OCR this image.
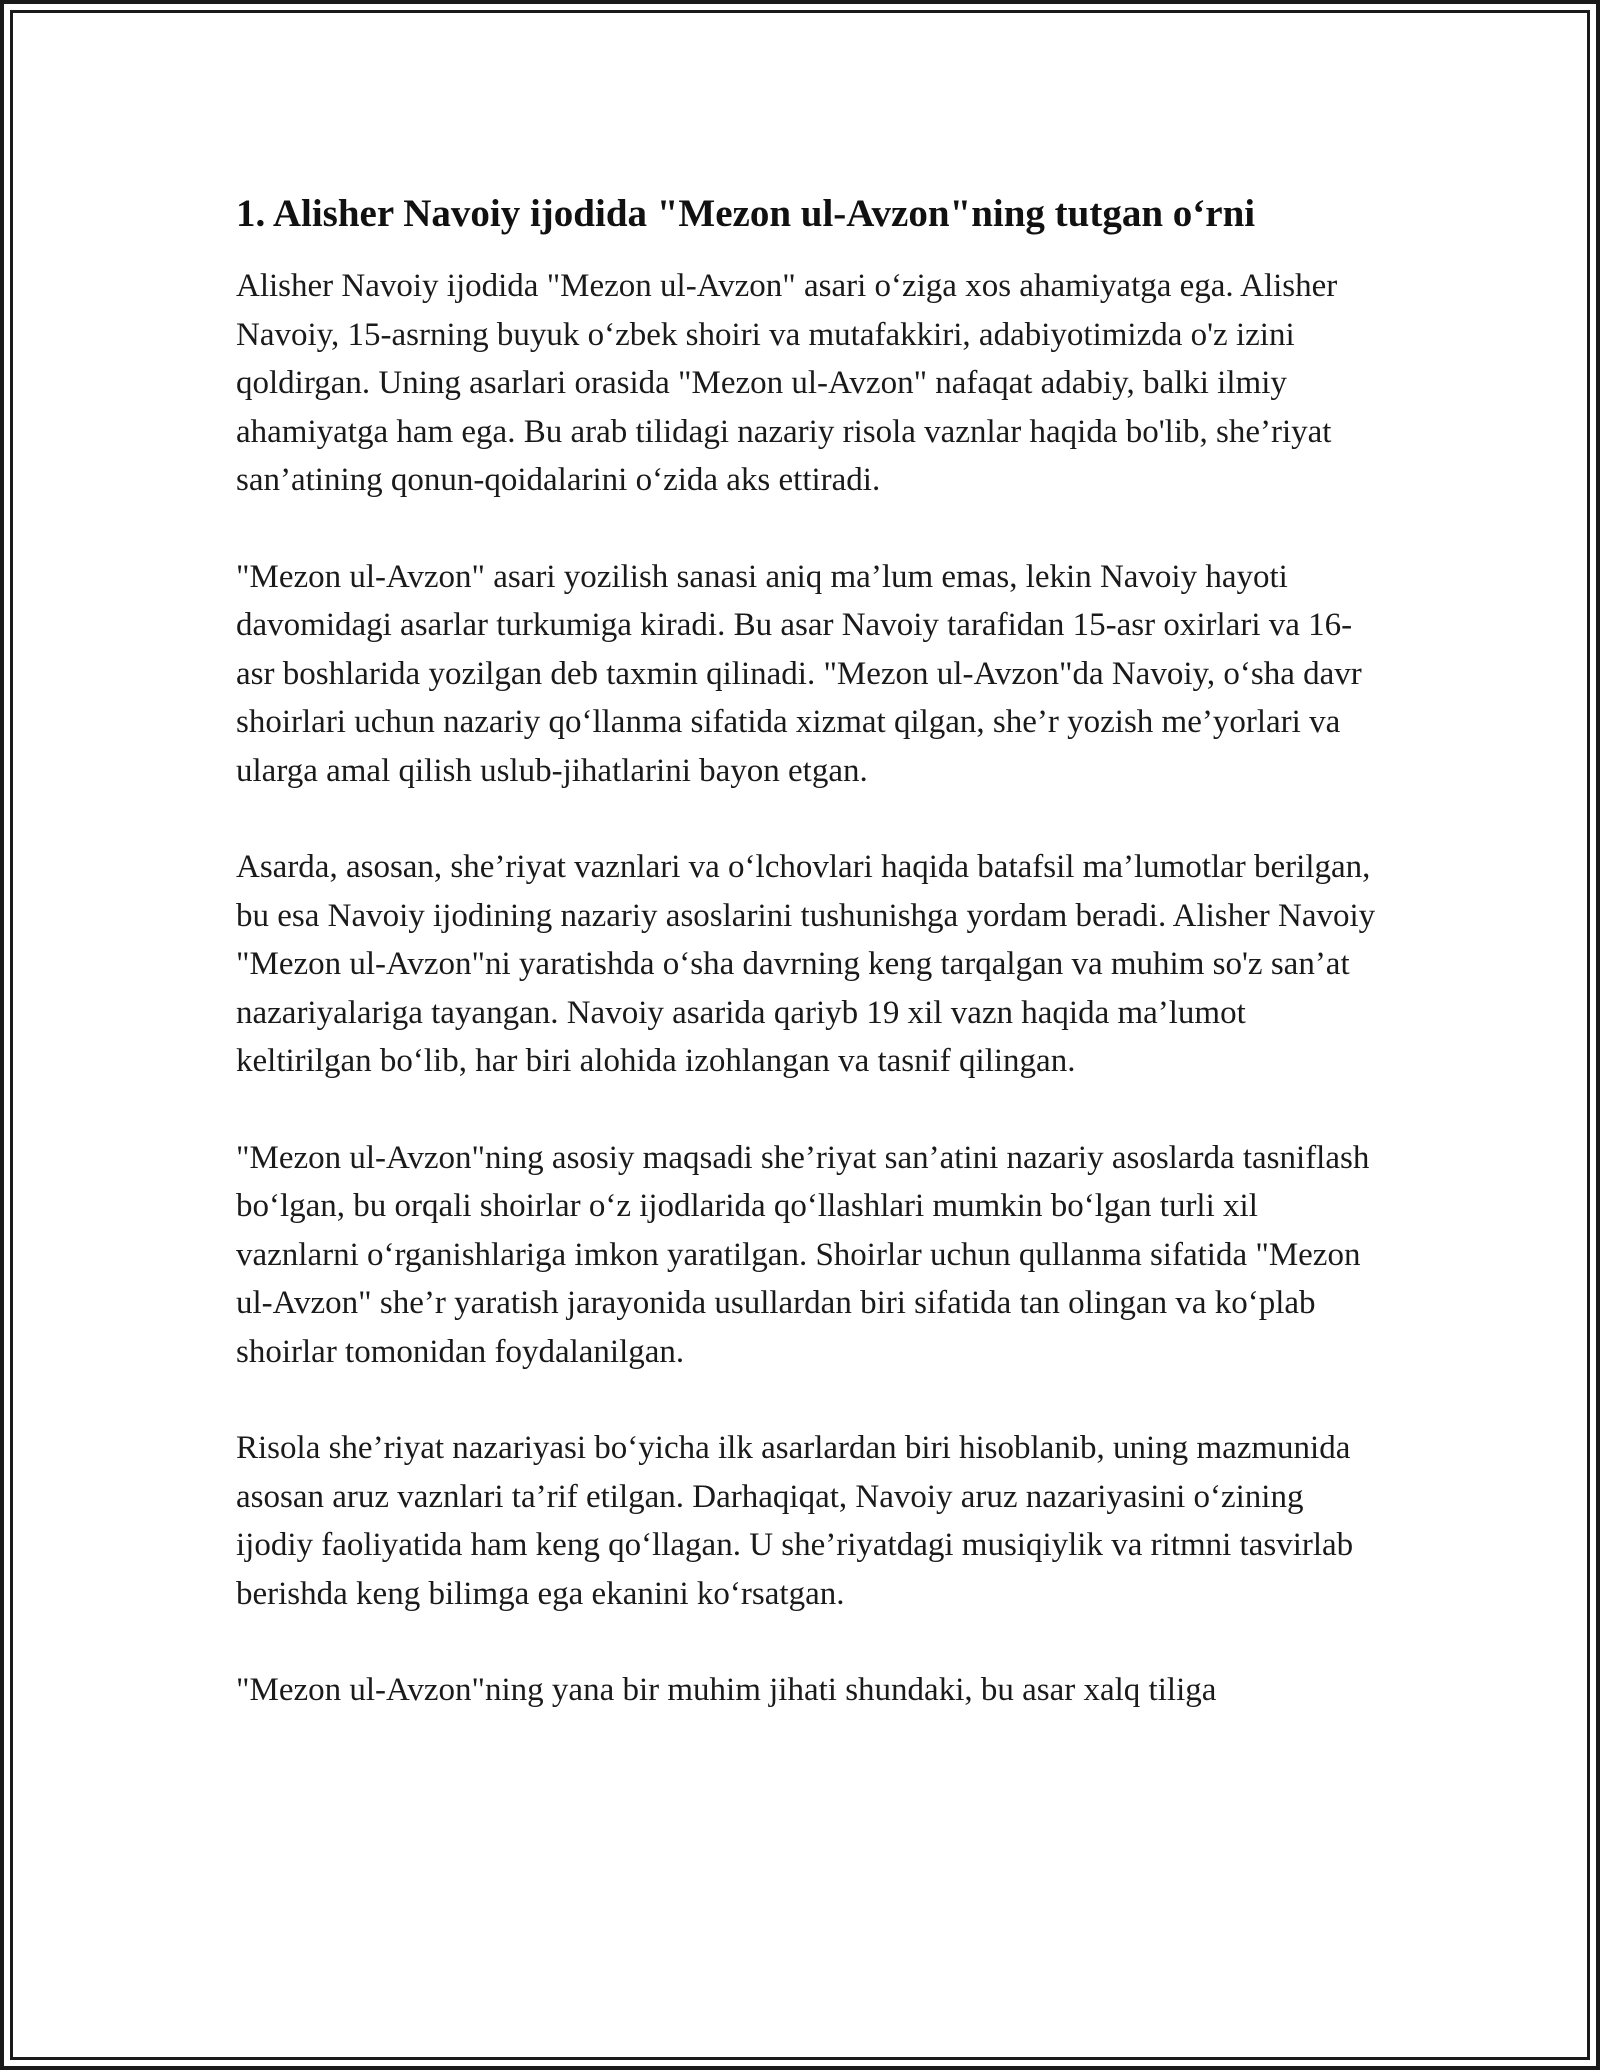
1. Alisher Navoiy ijodida "Mezon ul-Avzon"ning tutgan o‘rni

Alisher Navoiy ijodida "Mezon ul-Avzon" asari o‘ziga xos ahamiyatga ega. Alisher Navoiy, 15-asrning buyuk o‘zbek shoiri va mutafakkiri, adabiyotimizda o'z izini qoldirgan. Uning asarlari orasida "Mezon ul-Avzon" nafaqat adabiy, balki ilmiy ahamiyatga ham ega. Bu arab tilidagi nazariy risola vaznlar haqida bo'lib, she’riyat san’atining qonun-qoidalarini o‘zida aks ettiradi.

"Mezon ul-Avzon" asari yozilish sanasi aniq ma’lum emas, lekin Navoiy hayoti davomidagi asarlar turkumiga kiradi. Bu asar Navoiy tarafidan 15-asr oxirlari va 16-asr boshlarida yozilgan deb taxmin qilinadi. "Mezon ul-Avzon"da Navoiy, o‘sha davr shoirlari uchun nazariy qo‘llanma sifatida xizmat qilgan, she’r yozish me’yorlari va ularga amal qilish uslub-jihatlarini bayon etgan.

Asarda, asosan, she’riyat vaznlari va o‘lchovlari haqida batafsil ma’lumotlar berilgan, bu esa Navoiy ijodining nazariy asoslarini tushunishga yordam beradi. Alisher Navoiy "Mezon ul-Avzon"ni yaratishda o‘sha davrning keng tarqalgan va muhim so'z san’at nazariyalariga tayangan. Navoiy asarida qariyb 19 xil vazn haqida ma’lumot keltirilgan bo‘lib, har biri alohida izohlangan va tasnif qilingan.

"Mezon ul-Avzon"ning asosiy maqsadi she’riyat san’atini nazariy asoslarda tasniflash bo‘lgan, bu orqali shoirlar o‘z ijodlarida qo‘llashlari mumkin bo‘lgan turli xil vaznlarni o‘rganishlariga imkon yaratilgan. Shoirlar uchun qullanma sifatida "Mezon ul-Avzon" she’r yaratish jarayonida usullardan biri sifatida tan olingan va ko‘plab shoirlar tomonidan foydalanilgan.

Risola she’riyat nazariyasi bo‘yicha ilk asarlardan biri hisoblanib, uning mazmunida asosan aruz vaznlari ta’rif etilgan. Darhaqiqat, Navoiy aruz nazariyasini o‘zining ijodiy faoliyatida ham keng qo‘llagan. U she’riyatdagi musiqiylik va ritmni tasvirlab berishda keng bilimga ega ekanini ko‘rsatgan.

"Mezon ul-Avzon"ning yana bir muhim jihati shundaki, bu asar xalq tiliga
